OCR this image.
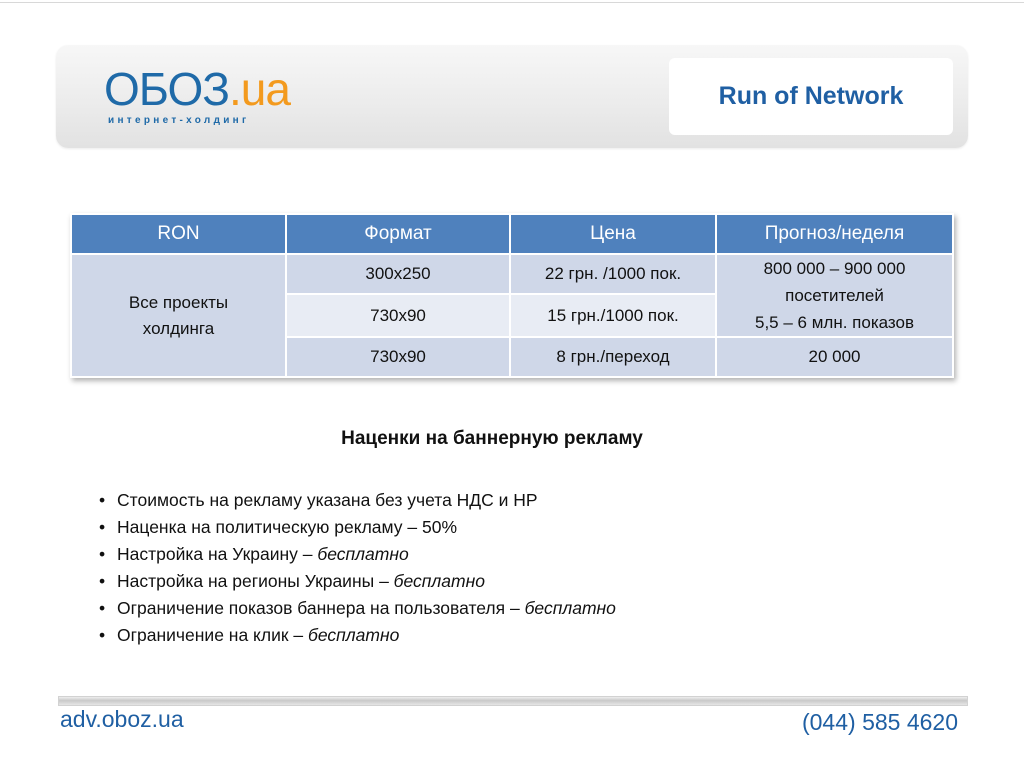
ОБОЗ.ua
интернет-холдинг
Run of Network
RON	Формат	Цена	Прогноз/неделя

Все проекты холдинга	300x250	22 грн. /1000 пок.	800 000 – 900 000
посетителей
5,5 – 6 млн. показов

	730x90	15 грн./1000 пок.	
	730x90	8 грн./переход	20 000
Наценки на баннерную рекламу
• Стоимость на рекламу указана без учета НДС и НР
• Наценка на политическую рекламу – 50%
• Настройка на Украину – бесплатно
• Настройка на регионы Украины – бесплатно
• Ограничение показов баннера на пользователя – бесплатно
• Ограничение на клик – бесплатно
adv.oboz.ua	(044) 585 4620
